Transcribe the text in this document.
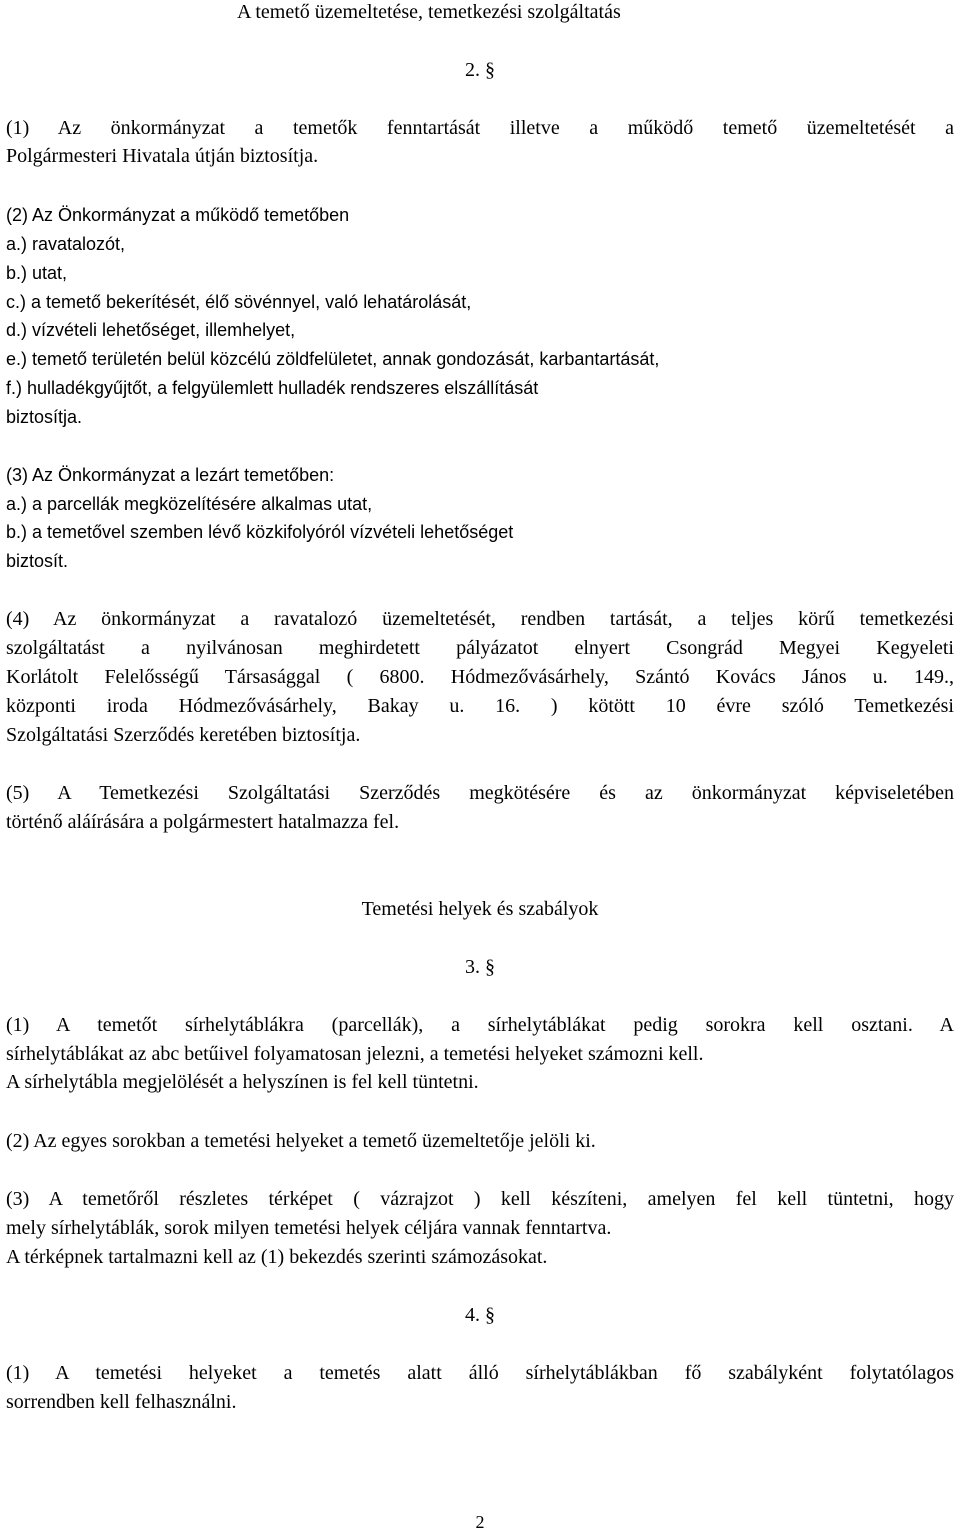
A temető üzemeltetése, temetkezési szolgáltatás

2. §

(1) Az önkormányzat a temetők fenntartását illetve a működő temető üzemeltetését a

Polgármesteri Hivatala útján biztosítja.

(2) Az Önkormányzat a működő temetőben

a.) ravatalozót,

b.) utat,

c.) a temető bekerítését, élő sövénnyel, való lehatárolását,

d.) vízvételi lehetőséget, illemhelyet,

e.) temető területén belül közcélú zöldfelületet, annak gondozását, karbantartását,

f.) hulladékgyűjtőt, a felgyülemlett hulladék rendszeres elszállítását

biztosítja.

(3) Az Önkormányzat a lezárt temetőben:

a.) a parcellák megközelítésére alkalmas utat,

b.) a temetővel szemben lévő közkifolyóról vízvételi lehetőséget

biztosít.

(4) Az önkormányzat a ravatalozó üzemeltetését, rendben tartását, a teljes körű temetkezési

szolgáltatást a nyilvánosan meghirdetett pályázatot elnyert Csongrád Megyei Kegyeleti

Korlátolt Felelősségű Társasággal ( 6800. Hódmezővásárhely, Szántó Kovács János u. 149.,

központi iroda Hódmezővásárhely, Bakay u. 16. ) kötött 10 évre szóló Temetkezési

Szolgáltatási Szerződés keretében biztosítja.

(5) A Temetkezési Szolgáltatási Szerződés megkötésére és az önkormányzat képviseletében

történő aláírására a polgármestert hatalmazza fel.

Temetési helyek és szabályok

3. §

(1) A temetőt sírhelytáblákra (parcellák), a sírhelytáblákat pedig sorokra kell osztani. A

sírhelytáblákat az abc betűivel folyamatosan jelezni, a temetési helyeket számozni kell.

A sírhelytábla megjelölését a helyszínen is fel kell tüntetni.

(2) Az egyes sorokban a temetési helyeket a temető üzemeltetője jelöli ki.

(3) A temetőről részletes térképet ( vázrajzot ) kell készíteni, amelyen fel kell tüntetni, hogy

mely sírhelytáblák, sorok milyen temetési helyek céljára vannak fenntartva.

A térképnek tartalmazni kell az (1) bekezdés szerinti számozásokat.

4. §

(1) A temetési helyeket a temetés alatt álló sírhelytáblákban fő szabályként folytatólagos

sorrendben kell felhasználni.

2
